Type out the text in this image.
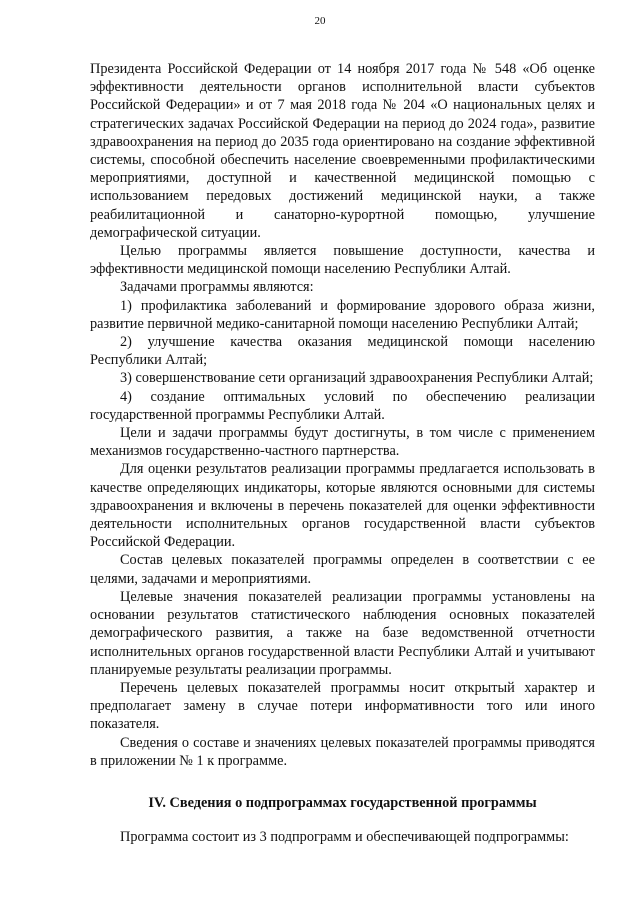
20

Президента Российской Федерации от 14 ноября 2017 года № 548 «Об оценке эффективности деятельности органов исполнительной власти субъектов Российской Федерации» и от 7 мая 2018 года № 204 «О национальных целях и стратегических задачах Российской Федерации на период до 2024 года», развитие здравоохранения на период до 2035 года ориентировано на создание эффективной системы, способной обеспечить население своевременными профилактическими мероприятиями, доступной и качественной медицинской помощью с использованием передовых достижений медицинской науки, а также реабилитационной и санаторно-курортной помощью, улучшение демографической ситуации.

Целью программы является повышение доступности, качества и эффективности медицинской помощи населению Республики Алтай.

Задачами программы являются:

1) профилактика заболеваний и формирование здорового образа жизни, развитие первичной медико-санитарной помощи населению Республики Алтай;

2) улучшение качества оказания медицинской помощи населению Республики Алтай;

3) совершенствование сети организаций здравоохранения Республики Алтай;

4) создание оптимальных условий по обеспечению реализации государственной программы Республики Алтай.

Цели и задачи программы будут достигнуты, в том числе с применением механизмов государственно-частного партнерства.

Для оценки результатов реализации программы предлагается использовать в качестве определяющих индикаторы, которые являются основными для системы здравоохранения и включены в перечень показателей для оценки эффективности деятельности исполнительных органов государственной власти субъектов Российской Федерации.

Состав целевых показателей программы определен в соответствии с ее целями, задачами и мероприятиями.

Целевые значения показателей реализации программы установлены на основании результатов статистического наблюдения основных показателей демографического развития, а также на базе ведомственной отчетности исполнительных органов государственной власти Республики Алтай и учитывают планируемые результаты реализации программы.

Перечень целевых показателей программы носит открытый характер и предполагает замену в случае потери информативности того или иного показателя.

Сведения о составе и значениях целевых показателей программы приводятся в приложении № 1 к программе.

IV. Сведения о подпрограммах государственной программы
Программа состоит из 3 подпрограмм и обеспечивающей подпрограммы:
